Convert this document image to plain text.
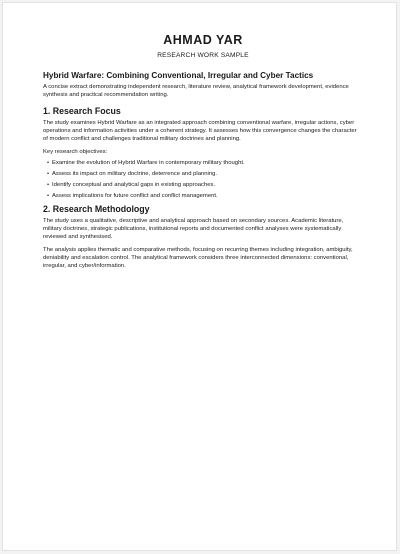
AHMAD YAR
RESEARCH WORK SAMPLE
Hybrid Warfare: Combining Conventional, Irregular and Cyber Tactics

A concise extract demonstrating independent research, literature review, analytical framework development, evidence synthesis and practical recommendation writing.

1. Research Focus

The study examines Hybrid Warfare as an integrated approach combining conventional warfare, irregular actions, cyber operations and information activities under a coherent strategy. It assesses how this convergence changes the character of modern conflict and challenges traditional military doctrines and planning.

Key research objectives:

• Examine the evolution of Hybrid Warfare in contemporary military thought.
• Assess its impact on military doctrine, deterrence and planning.
• Identify conceptual and analytical gaps in existing approaches.
• Assess implications for future conflict and conflict management.
2. Research Methodology

The study uses a qualitative, descriptive and analytical approach based on secondary sources. Academic literature, military doctrines, strategic publications, institutional reports and documented conflict analyses were systematically reviewed and synthesised.

The analysis applies thematic and comparative methods, focusing on recurring themes including integration, ambiguity, deniability and escalation control. The analytical framework considers three interconnected dimensions: conventional, irregular, and cyber/information.
